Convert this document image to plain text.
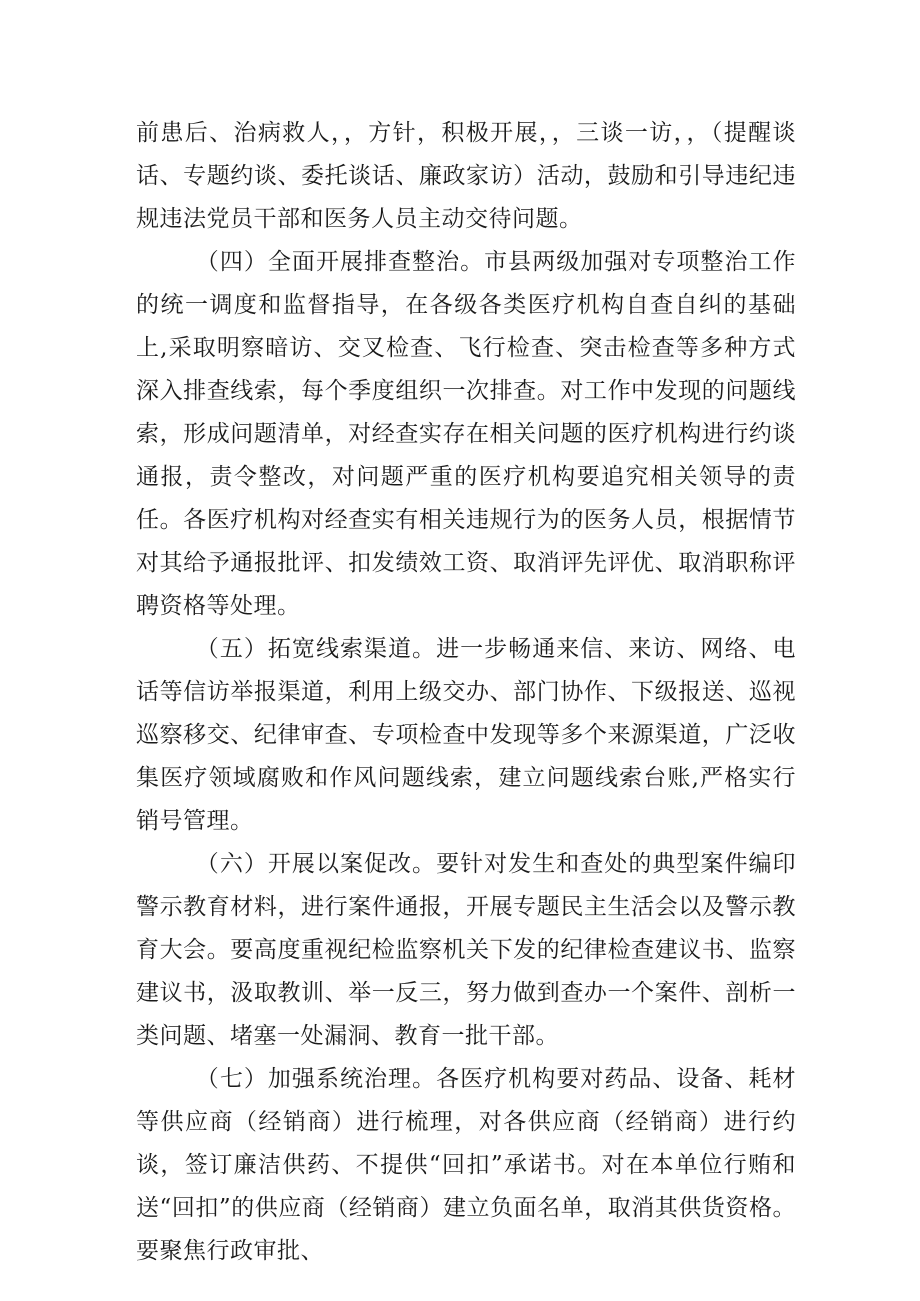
前患后、治病救人，，方针，积极开展，，三谈一访，，（提醒谈话、专题约谈、委托谈话、廉政家访）活动，鼓励和引导违纪违规违法党员干部和医务人员主动交待问题。

（四）全面开展排查整治。市县两级加强对专项整治工作的统一调度和监督指导，在各级各类医疗机构自查自纠的基础上,采取明察暗访、交叉检查、飞行检查、突击检查等多种方式深入排查线索，每个季度组织一次排查。对工作中发现的问题线索，形成问题清单，对经查实存在相关问题的医疗机构进行约谈通报，责令整改，对问题严重的医疗机构要追究相关领导的责任。各医疗机构对经查实有相关违规行为的医务人员，根据情节对其给予通报批评、扣发绩效工资、取消评先评优、取消职称评聘资格等处理。

（五）拓宽线索渠道。进一步畅通来信、来访、网络、电话等信访举报渠道，利用上级交办、部门协作、下级报送、巡视巡察移交、纪律审查、专项检查中发现等多个来源渠道，广泛收集医疗领域腐败和作风问题线索，建立问题线索台账,严格实行销号管理。

（六）开展以案促改。要针对发生和查处的典型案件编印警示教育材料，进行案件通报，开展专题民主生活会以及警示教育大会。要高度重视纪检监察机关下发的纪律检查建议书、监察建议书，汲取教训、举一反三，努力做到查办一个案件、剖析一类问题、堵塞一处漏洞、教育一批干部。

（七）加强系统治理。各医疗机构要对药品、设备、耗材等供应商（经销商）进行梳理，对各供应商（经销商）进行约谈，签订廉洁供药、不提供“回扣”承诺书。对在本单位行贿和送“回扣”的供应商（经销商）建立负面名单，取消其供货资格。要聚焦行政审批、
